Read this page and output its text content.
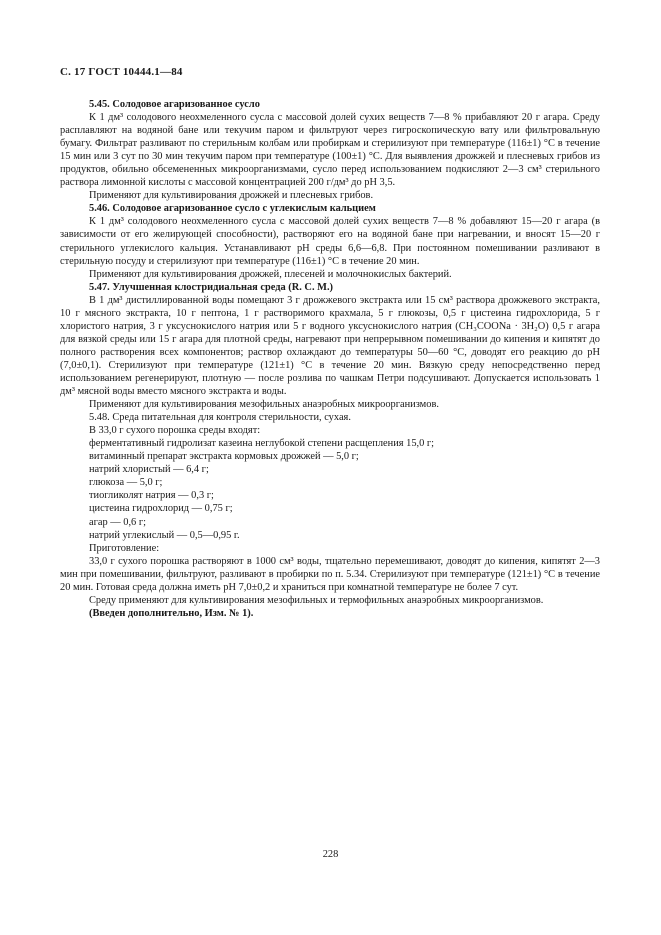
С. 17 ГОСТ 10444.1—84

5.45. Солодовое агаризованное сусло

К 1 дм³ солодового неохмеленного сусла с массовой долей сухих веществ 7—8 % прибавляют 20 г агара. Среду расплавляют на водяной бане или текучим паром и фильтруют через гигроскопическую вату или фильтровальную бумагу. Фильтрат разливают по стерильным колбам или пробиркам и стерилизуют при температуре (116±1) °С в течение 15 мин или 3 сут по 30 мин текучим паром при температуре (100±1) °С. Для выявления дрожжей и плесневых грибов из продуктов, обильно обсемененных микроорганизмами, сусло перед использованием подкисляют 2—3 см³ стерильного раствора лимонной кислоты с массовой концентрацией 200 г/дм³ до рН 3,5.

Применяют для культивирования дрожжей и плесневых грибов.

5.46. Солодовое агаризованное сусло с углекислым кальцием

К 1 дм³ солодового неохмеленного сусла с массовой долей сухих веществ 7—8 % добавляют 15—20 г агара (в зависимости от его желирующей способности), растворяют его на водяной бане при нагревании, и вносят 15—20 г стерильного углекислого кальция. Устанавливают рН среды 6,6—6,8. При постоянном помешивании разливают в стерильную посуду и стерилизуют при температуре (116±1) °С в течение 20 мин.

Применяют для культивирования дрожжей, плесеней и молочнокислых бактерий.

5.47. Улучшенная клостридиальная среда (R. C. M.)

В 1 дм³ дистиллированной воды помещают 3 г дрожжевого экстракта или 15 см³ раствора дрожжевого экстракта, 10 г мясного экстракта, 10 г пептона, 1 г растворимого крахмала, 5 г глюкозы, 0,5 г цистеина гидрохлорида, 5 г хлористого натрия, 3 г уксуснокислого натрия или 5 г водного уксуснокислого натрия (CH₃COONa · 3H₂O) 0,5 г агара для вязкой среды или 15 г агара для плотной среды, нагревают при непрерывном помешивании до кипения и кипятят до полного растворения всех компонентов; раствор охлаждают до температуры 50—60 °С, доводят его реакцию до рН (7,0±0,1). Стерилизуют при температуре (121±1) °С в течение 20 мин. Вязкую среду непосредственно перед использованием регенерируют, плотную — после розлива по чашкам Петри подсушивают. Допускается использовать 1 дм³ мясной воды вместо мясного экстракта и воды.

Применяют для культивирования мезофильных анаэробных микроорганизмов.

5.48. Среда питательная для контроля стерильности, сухая.

В 33,0 г сухого порошка среды входят:

ферментативный гидролизат казеина неглубокой степени расщепления 15,0 г;

витаминный препарат экстракта кормовых дрожжей — 5,0 г;

натрий хлористый — 6,4 г;

глюкоза — 5,0 г;

тиогликолят натрия — 0,3 г;

цистеина гидрохлорид — 0,75 г;

агар — 0,6 г;

натрий углекислый — 0,5—0,95 г.

Приготовление:

33,0 г сухого порошка растворяют в 1000 см³ воды, тщательно перемешивают, доводят до кипения, кипятят 2—3 мин при помешивании, фильтруют, разливают в пробирки по п. 5.34. Стерилизуют при температуре (121±1) °С в течение 20 мин. Готовая среда должна иметь рН 7,0±0,2 и храниться при комнатной температуре не более 7 сут.

Среду применяют для культивирования мезофильных и термофильных анаэробных микроорганизмов.

(Введен дополнительно, Изм. № 1).

228
